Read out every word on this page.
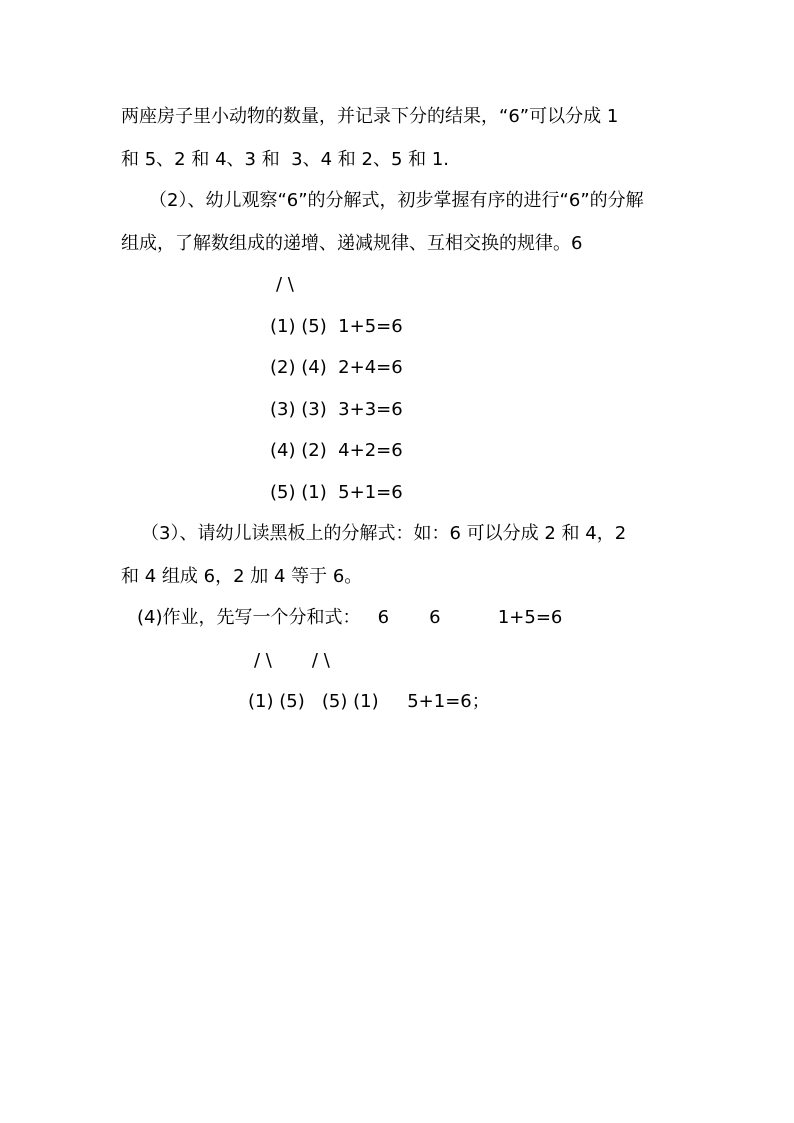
两座房子里小动物的数量，并记录下分的结果，“6”可以分成 1
和 5、2 和 4、3 和  3、4 和 2、5 和 1.
（2）、幼儿观察“6”的分解式，初步掌握有序的进行“6”的分解
组成，了解数组成的递增、递减规律、互相交换的规律。6
/ \
(1) (5)  1+5=6
(2) (4)  2+4=6
(3) (3)  3+3=6
(4) (2)  4+2=6
(5) (1)  5+1=6
（3）、请幼儿读黑板上的分解式：如：6 可以分成 2 和 4，2
和 4 组成 6，2 加 4 等于 6。
(4)作业，先写一个分和式：   6       6          1+5=6
/ \       / \
(1) (5)   (5) (1)     5+1=6；
